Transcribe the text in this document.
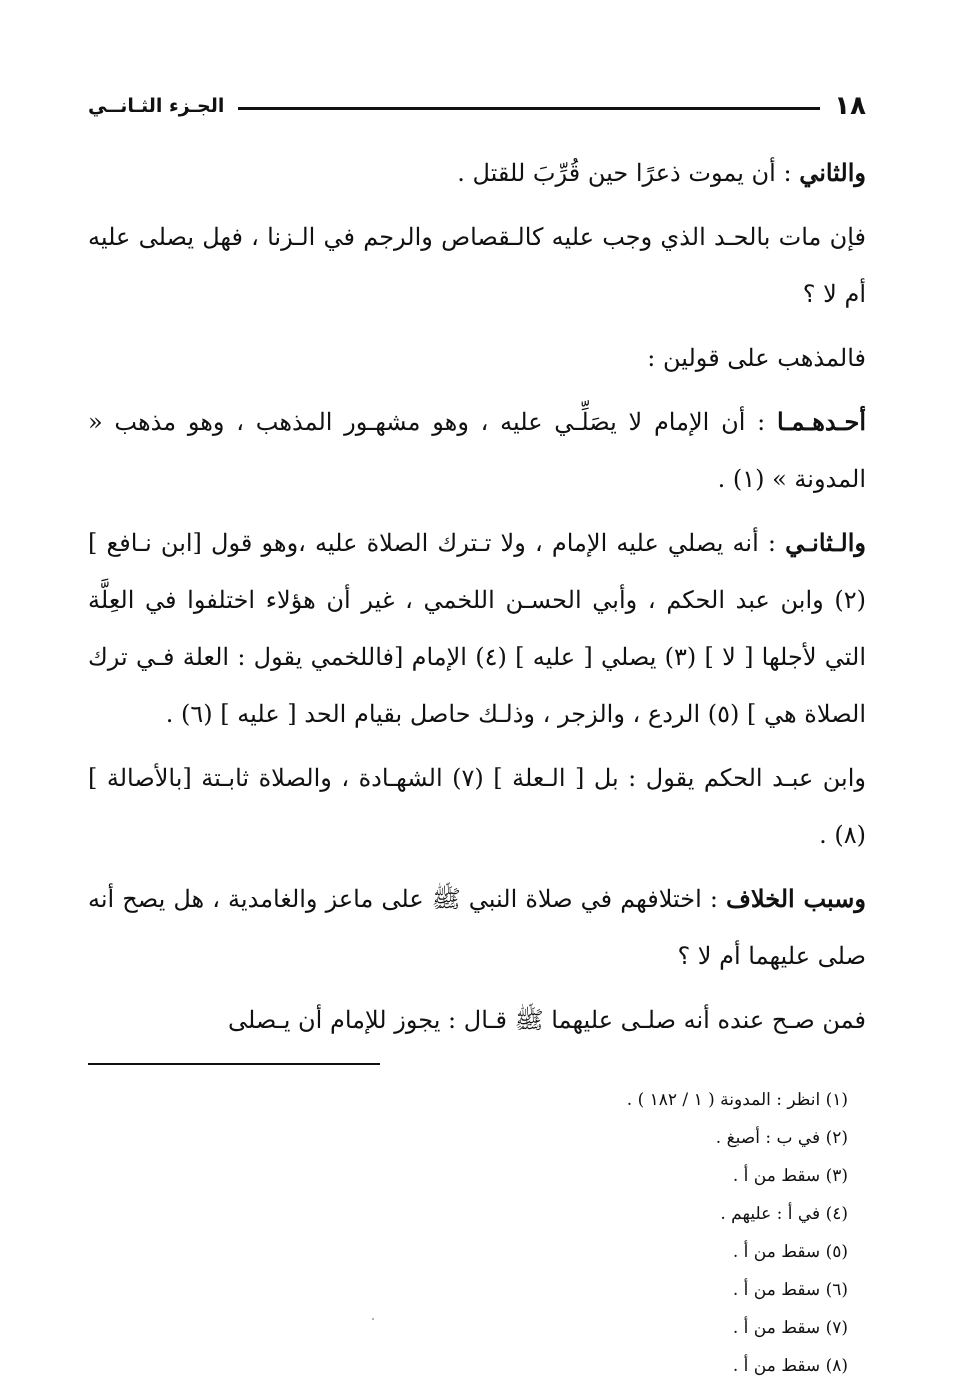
١٨
الجـزء الثـانــي

والثاني : أن يموت ذعرًا حين قُرِّبَ للقتل .

فإن مات بالحـد الذي وجب عليه كالـقصاص والرجم في الـزنا ، فهل يصلى عليه أم لا ؟

فالمذهب على قولين :

أحـدهـمـا : أن الإمام لا يصَلِّـي عليه ، وهو مشهـور المذهب ، وهو مذهب « المدونة » (١) .

والـثانـي : أنه يصلي عليه الإمام ، ولا تـترك الصلاة عليه ،وهو قول [ابن نـافع ] (٢) وابن عبد الحكم ، وأبي الحسـن اللخمي ، غير أن هؤلاء اختلفوا في العِلَّة التي لأجلها [ لا ] (٣) يصلي [ عليه ] (٤) الإمام [فاللخمي يقول : العلة فـي ترك الصلاة هي ] (٥) الردع ، والزجر ، وذلـك حاصل بقيام الحد [ عليه ] (٦) .

وابن عبـد الحكم يقول : بل [ الـعلة ] (٧) الشهـادة ، والصلاة ثابـتة [بالأصالة ] (٨) .

وسبب الخلاف : اختلافهم في صلاة النبي ﷺ على ماعز والغامدية ، هل يصح أنه صلى عليهما أم لا ؟

فمن صـح عنده أنه صلـى عليهما ﷺ قـال : يجوز للإمام أن يـصلى

(١) انظر : المدونة ( ١ / ١٨٢ ) .
(٢) في ب : أصبغ .
(٣) سقط من أ .
(٤) في أ : عليهم .
(٥) سقط من أ .
(٦) سقط من أ .
(٧) سقط من أ .
(٨) سقط من أ .
